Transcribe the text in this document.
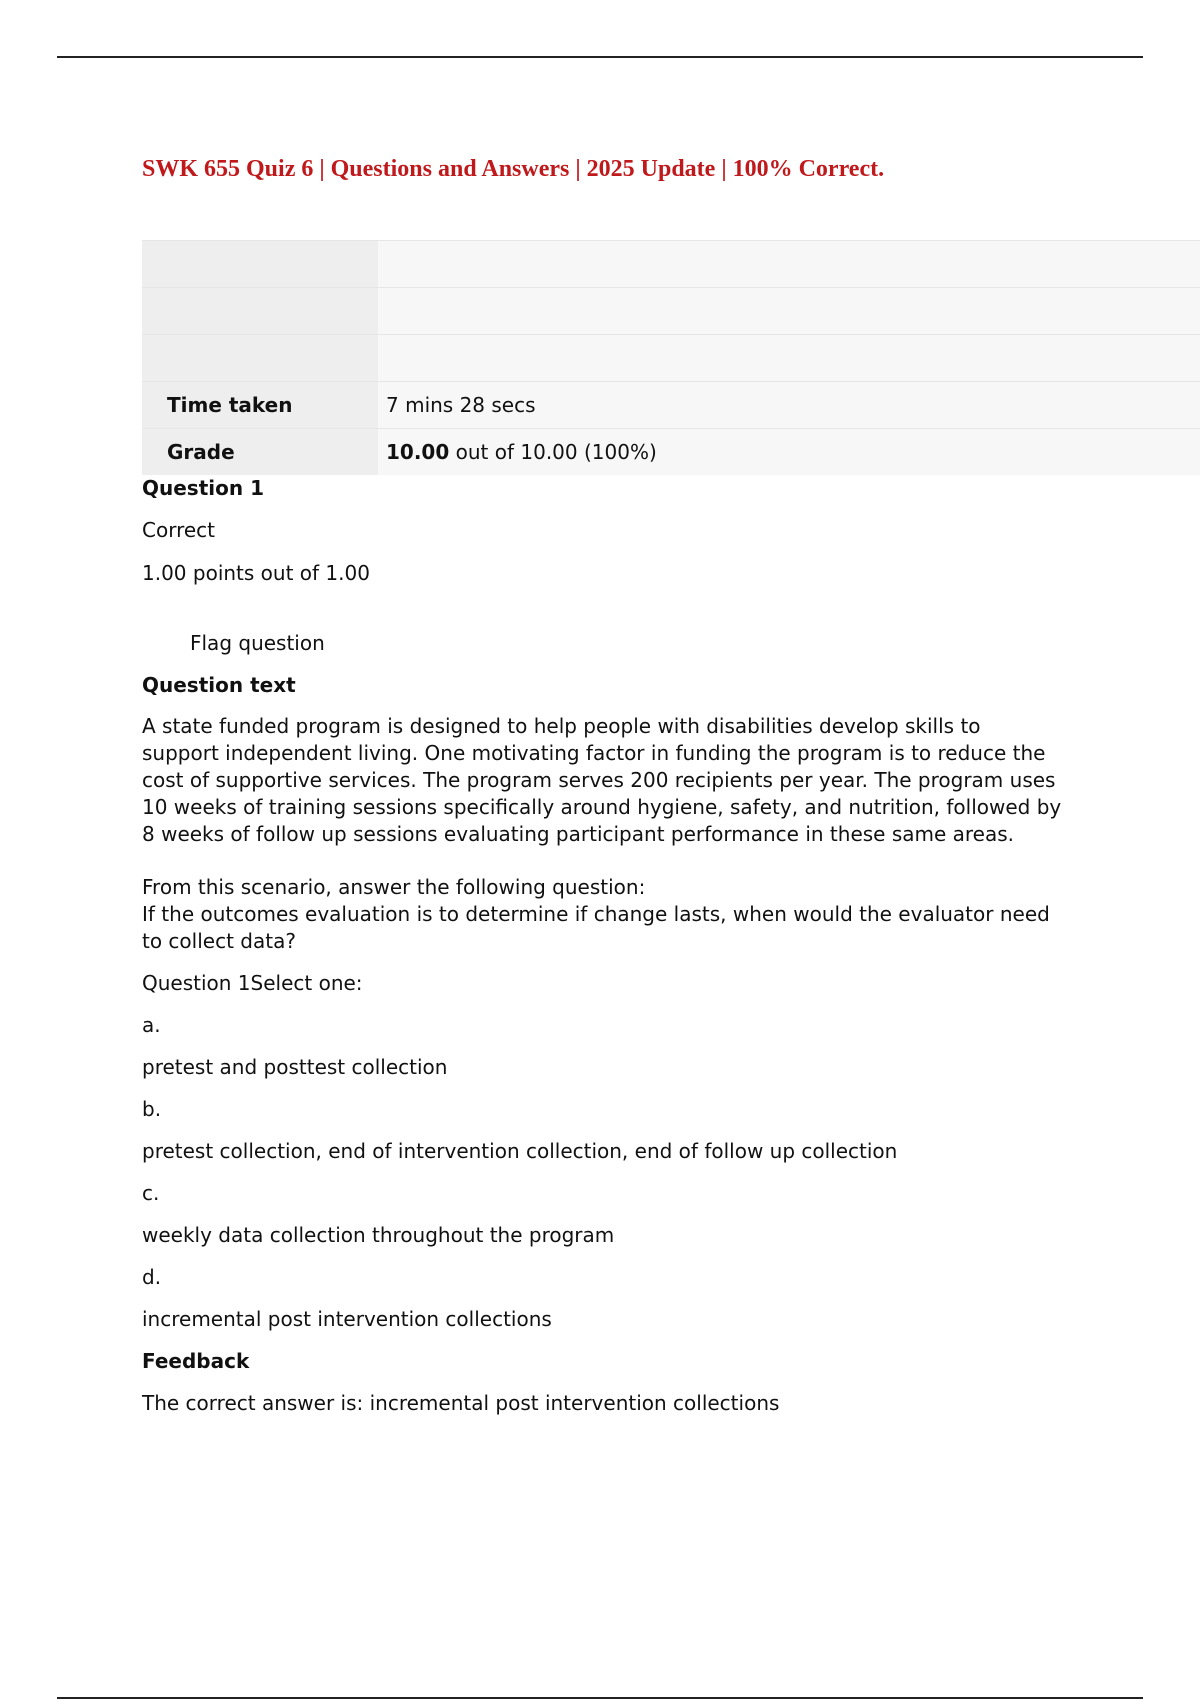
SWK 655 Quiz 6 | Questions and Answers | 2025 Update | 100% Correct.

Time taken	7 mins 28 secs
Grade	10.00 out of 10.00 (100%)

Question 1

Correct

1.00 points out of 1.00

Flag question

Question text

A state funded program is designed to help people with disabilities develop skills to support independent living. One motivating factor in funding the program is to reduce the cost of supportive services. The program serves 200 recipients per year. The program uses 10 weeks of training sessions specifically around hygiene, safety, and nutrition, followed by 8 weeks of follow up sessions evaluating participant performance in these same areas.

From this scenario, answer the following question:

If the outcomes evaluation is to determine if change lasts, when would the evaluator need to collect data?

Question 1Select one:

a.

pretest and posttest collection

b.

pretest collection, end of intervention collection, end of follow up collection

c.

weekly data collection throughout the program

d.

incremental post intervention collections

Feedback

The correct answer is: incremental post intervention collections
